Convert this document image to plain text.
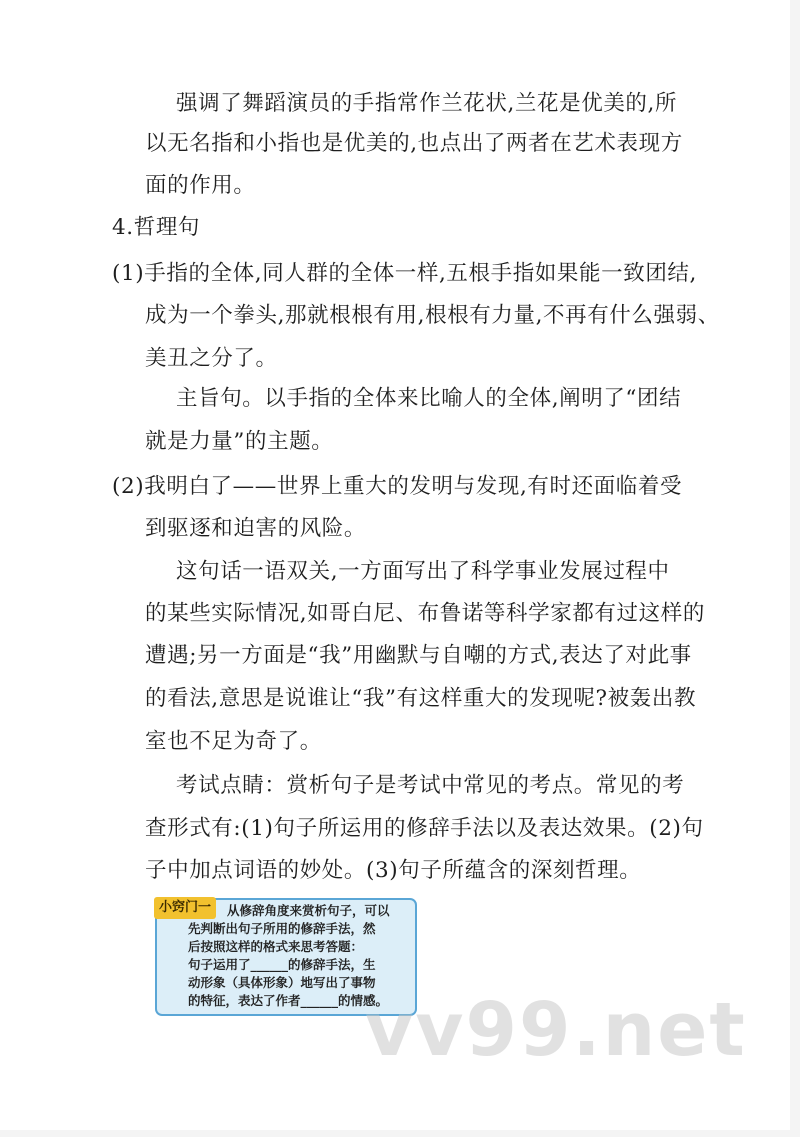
强调了舞蹈演员的手指常作兰花状,兰花是优美的,所
以无名指和小指也是优美的,也点出了两者在艺术表现方
面的作用。
4.哲理句
(1)手指的全体,同人群的全体一样,五根手指如果能一致团结,
成为一个拳头,那就根根有用,根根有力量,不再有什么强弱、
美丑之分了。
主旨句。以手指的全体来比喻人的全体,阐明了“团结
就是力量”的主题。
(2)我明白了——世界上重大的发明与发现,有时还面临着受
到驱逐和迫害的风险。
这句话一语双关,一方面写出了科学事业发展过程中
的某些实际情况,如哥白尼、布鲁诺等科学家都有过这样的
遭遇;另一方面是“我”用幽默与自嘲的方式,表达了对此事
的看法,意思是说谁让“我”有这样重大的发现呢?被轰出教
室也不足为奇了。
考试点睛：赏析句子是考试中常见的考点。常见的考
查形式有:(1)句子所运用的修辞手法以及表达效果。(2)句
子中加点词语的妙处。(3)句子所蕴含的深刻哲理。
小窍门一	从修辞角度来赏析句子，可以
先判断出句子所用的修辞手法，然
后按照这样的格式来思考答题：
句子运用了______的修辞手法，生
动形象（具体形象）地写出了事物
的特征，表达了作者______的情感。
vv99.net
